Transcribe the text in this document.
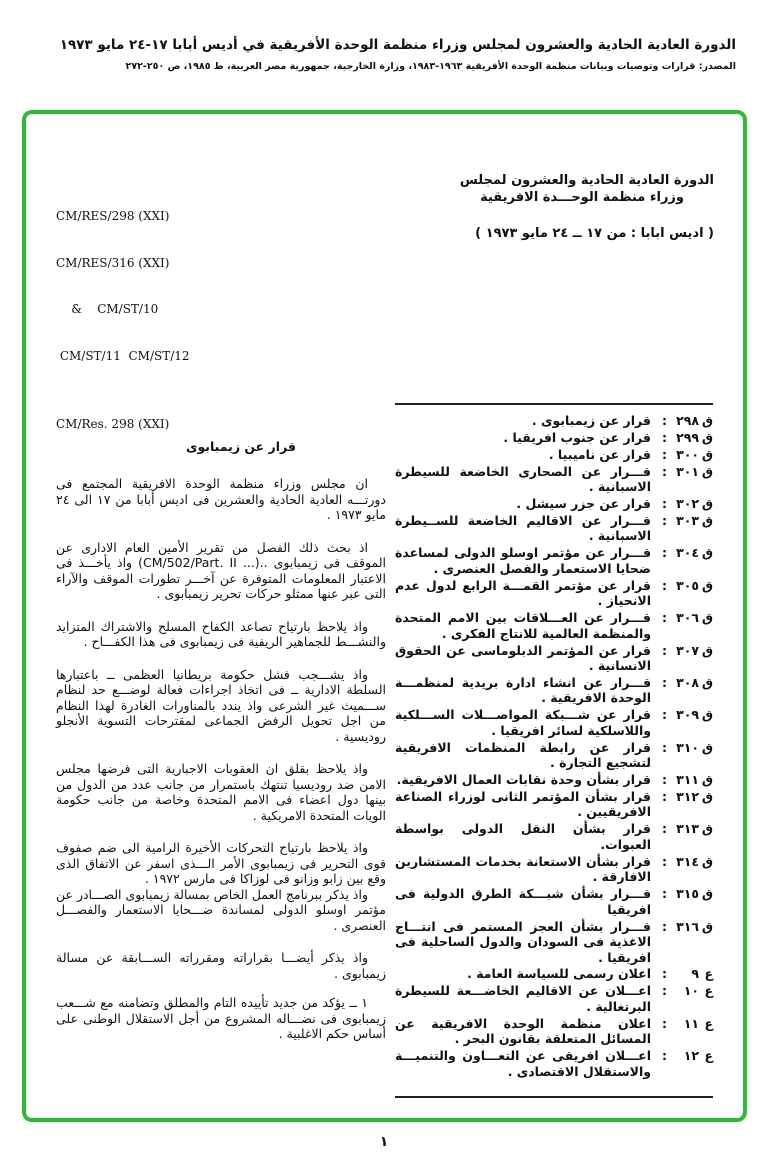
الدورة العادية الحادية والعشرون لمجلس وزراء منظمة الوحدة الأفريقية في أديس أبابا ١٧-٢٤ مايو ١٩٧٣
المصدر: قرارات وتوصيات وبيانات منظمة الوحدة الأفريقية ١٩٦٣-١٩٨٣، وزارة الخارجية، جمهورية مصر العربية، ط ١٩٨٥، ص ٢٥٠-٢٧٢

CM/RES/298 (XXI)

CM/RES/316 (XXI)

&    CM/ST/10

CM/ST/11  CM/ST/12

الدورة العادية الحادية والعشرون لمجلس
وزراء منظمة الوحـــدة الافريقية
( اديس ابابا : من ١٧ ــ ٢٤ مايو ١٩٧٣ )
CM/Res. 298 (XXI)
قرار عن زيمبابوى

ان مجلس وزراء منظمة الوحدة الافريقية المجتمع فى دورتـــه العادية الحادية والعشرين فى اديس أبابا من ١٧ الى ٢٤ مايو ١٩٧٣ .

اذ بحث ذلك الفصل من تقرير الأمين العام الادارى عن الموقف فى زيمبابوى ..(... CM/502/Part. II) واذ يأخـــذ فى الاعتبار المعلومات المتوفرة عن آخـــر تطورات الموقف والآراء التى عبر عنها ممثلو حركات تحرير زيمبابوى .

واذ يلاحظ بارتياح تصاعد الكفاح المسلح والاشتراك المتزايد والنشـــط للجماهير الريفية فى زيمبابوى فى هذا الكفـــاح .

واذ يشـــجب فشل حكومة بريطانيا العظمى ــ باعتبارها السلطة الادارية ــ فى اتخاذ اجراءات فعالة لوضـــع حد لنظام ســـميث غير الشرعى واذ يندد بالمناورات الغادرة لهذا النظام من اجل تحويل الرفض الجماعى لمقترحات التسوية الأنجلو روديسية .

واذ يلاحظ بقلق ان العقوبات الاجبارية التى فرضها مجلس الامن ضد روديسيا تنتهك باستمرار من جانب عدد من الدول من بينها دول اعضاء فى الامم المتحدة وخاصة من جانب حكومة الويات المتحدة الامريكية .

واذ يلاحظ بارتياح التحركات الأخيرة الرامية الى ضم صفوف قوى التحرير فى زيمبابوى الأمر الـــذى اسفر عن الاتفاق الذى وقع بين زابو وزانو فى لوزاكا فى مارس ١٩٧٢ .

واذ يذكر ببرنامج العمل الخاص بمسالة زيمبابوى الصـــادر عن مؤتمر اوسلو الدولى لمساندة ضـــحايا الاستعمار والفصـــل العنصرى .

واذ يذكر أيضـــا بقراراته ومقرراته الســـابقة عن مسالة زيمبابوى .

١ ــ يؤكد من جديد تأييده التام والمطلق وتضامنه مع شـــعب زيمبابوى فى نضـــاله المشروع من أجل الاستقلال الوطنى على أساس حكم الاغلبية .

ق٢٩٨:
قرار عن زيمبابوى .
ق٢٩٩:
قرار عن جنوب افريقيا .
ق٣٠٠:
قرار عن ناميبيا .
ق٣٠١:
قـــرار عن الصحارى الخاضعة للسيطرة الاسبانية .
ق٣٠٢:
قرار عن جزر سيشل .
ق٣٠٣:
قـــرار عن الاقاليم الخاضعة للســيطرة الاسبانية .
ق٣٠٤:
قـــرار عن مؤتمر اوسلو الدولى لمساعدة ضحايا الاستعمار والفصل العنصرى .
ق٣٠٥:
قرار عن مؤتمر القمـــة الرابع لدول عدم الانحياز .
ق٣٠٦:
قـــرار عن العـــلاقات بين الامم المتحدة والمنظمة العالمية للانتاج الفكرى .
ق٣٠٧:
قرار عن المؤتمر الدبلوماسى عن الحقوق الانسانية .
ق٣٠٨:
قـــرار عن انشاء ادارة بريدية لمنظمـــة الوحدة الافريقية .
ق٣٠٩:
قرار عن شـــبكة المواصـــلات الســـلكية واللاسلكية لسائر افريقيا .
ق٣١٠:
قرار عن رابطة المنظمات الافريقية لتشجيع التجارة .
ق٣١١:
قرار بشأن وحدة نقابات العمال الافريقية.
ق٣١٢:
قرار بشأن المؤتمر الثانى لوزراء الصناعة الافريقيين .
ق٣١٣:
قرار بشأن النقل الدولى بواسطة العبوات.
ق٣١٤:
قرار بشأن الاستعانة بخدمات المستشارين الافارقة .
ق٣١٥:
قـــرار بشأن شبـــكة الطرق الدولية فى افريقيا
ق٣١٦:
قـــرار بشأن العجز المستمر فى انتـــاج الاغذية فى السودان والدول الساحلية فى افريقيا .
ع٩:
اعلان رسمى للسياسة العامة .
ع١٠:
اعـــلان عن الاقاليم الخاضـــعة للسيطرة البرتغالية .
ع١١:
اعلان منظمة الوحدة الافريقية عن المسائل المتعلقة بقانون البحر .
ع١٢:
اعـــلان افريقى عن التعـــاون والتنميـــة والاستقلال الاقتصادى .
١
